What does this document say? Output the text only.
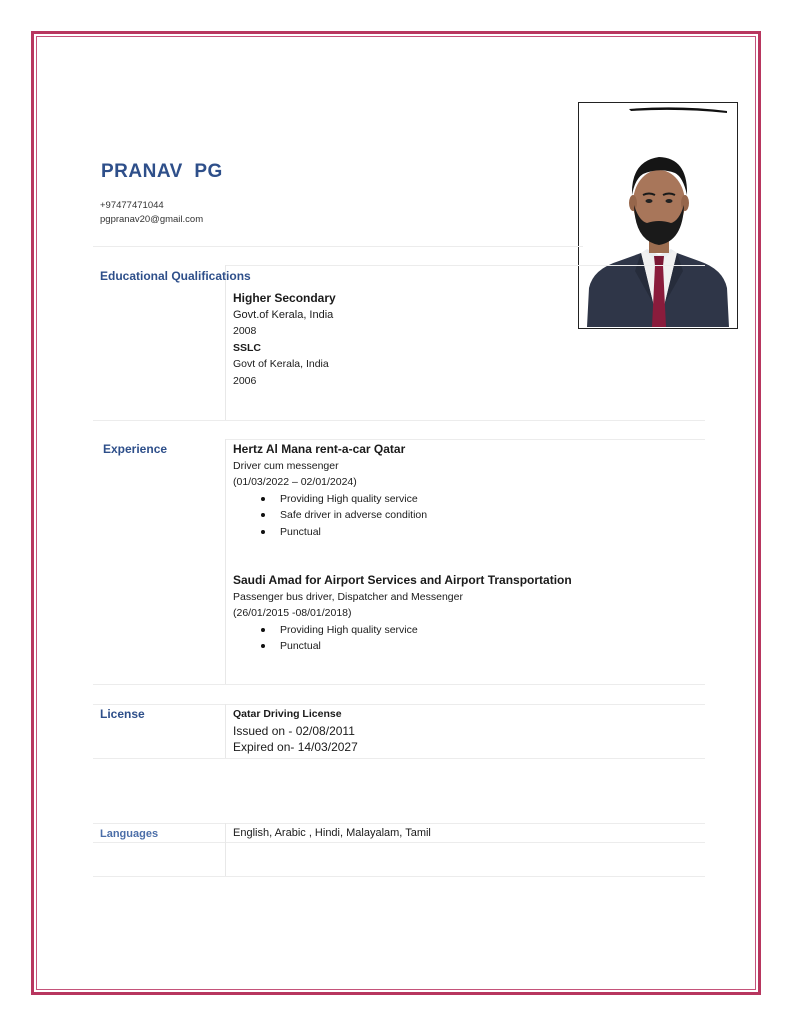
PRANAV  PG
+97477471044
pgpranav20@gmail.com
Educational Qualifications
Higher Secondary
Govt.of Kerala, India
2008
SSLC
Govt of Kerala, India
2006
Experience	Hertz Al Mana rent-a-car Qatar
Driver cum messenger
(01/03/2022 – 02/01/2024)
Providing High quality service
Safe driver in adverse condition
Punctual
Saudi Amad for Airport Services and Airport Transportation
Passenger bus driver, Dispatcher and Messenger
(26/01/2015 -08/01/2018)
Providing High quality service
Punctual
License	Qatar Driving License
Issued on - 02/08/2011
Expired on- 14/03/2027
Languages	English, Arabic , Hindi, Malayalam, Tamil
